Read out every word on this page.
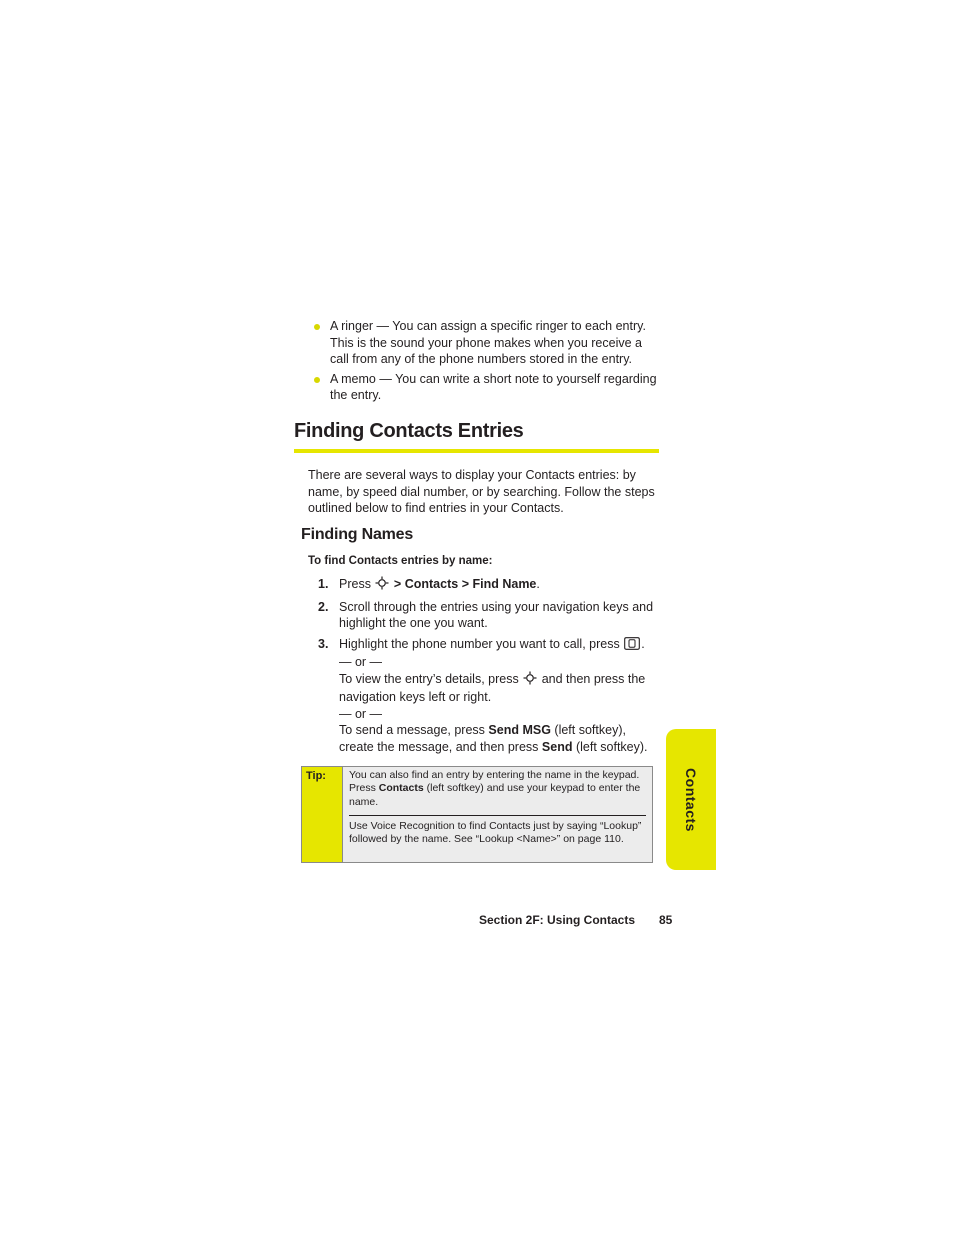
A ringer — You can assign a specific ringer to each entry. This is the sound your phone makes when you receive a call from any of the phone numbers stored in the entry.
A memo — You can write a short note to yourself regarding the entry.
Finding Contacts Entries
There are several ways to display your Contacts entries: by name, by speed dial number, or by searching. Follow the steps outlined below to find entries in your Contacts.
Finding Names
To find Contacts entries by name:
1. Press > Contacts > Find Name.
2. Scroll through the entries using your navigation keys and highlight the one you want.
3. Highlight the phone number you want to call, press .
— or —
To view the entry’s details, press and then press the navigation keys left or right.
— or —
To send a message, press Send MSG (left softkey), create the message, and then press Send (left softkey).
Tip:	You can also find an entry by entering the name in the keypad. Press Contacts (left softkey) and use your keypad to enter the name.
Use Voice Recognition to find Contacts just by saying “Lookup” followed by the name. See “Lookup <Name>” on page 110.
Contacts
Section 2F: Using Contacts 85
